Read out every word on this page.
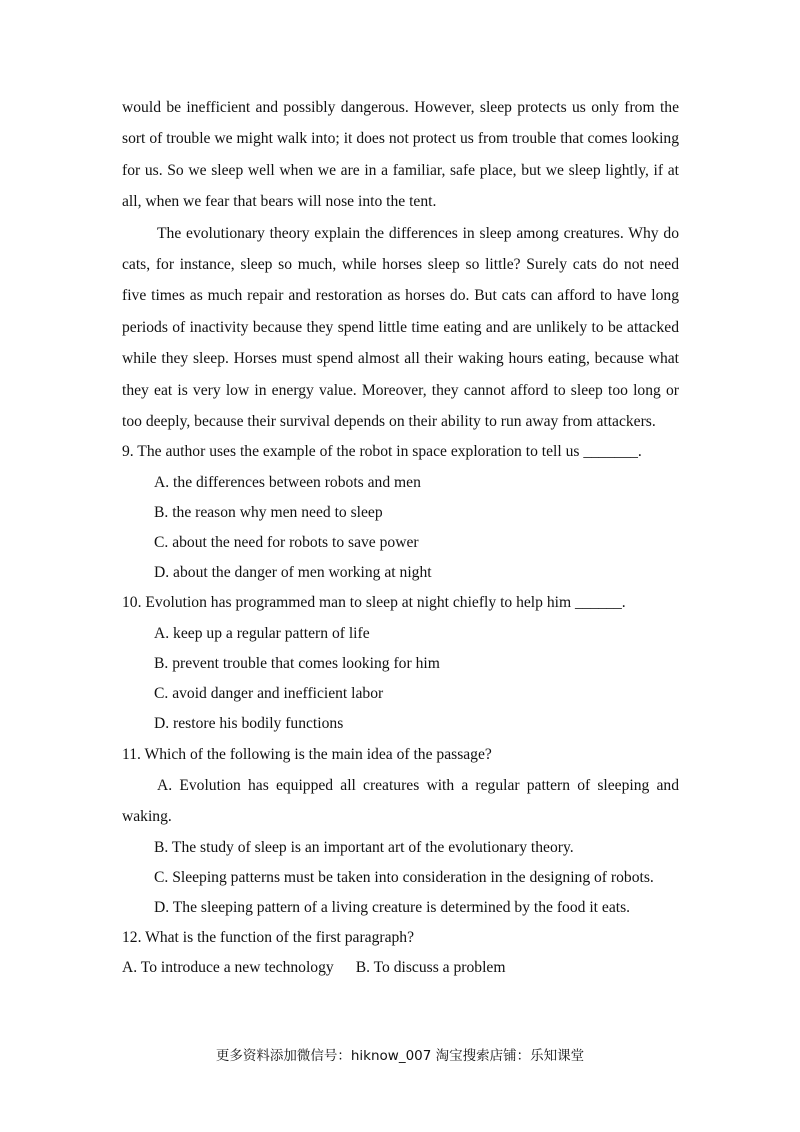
would be inefficient and possibly dangerous. However, sleep protects us only from the sort of trouble we might walk into; it does not protect us from trouble that comes looking for us. So we sleep well when we are in a familiar, safe place, but we sleep lightly, if at all, when we fear that bears will nose into the tent.

The evolutionary theory explain the differences in sleep among creatures. Why do cats, for instance, sleep so much, while horses sleep so little? Surely cats do not need five times as much repair and restoration as horses do. But cats can afford to have long periods of inactivity because they spend little time eating and are unlikely to be attacked while they sleep. Horses must spend almost all their waking hours eating, because what they eat is very low in energy value. Moreover, they cannot afford to sleep too long or too deeply, because their survival depends on their ability to run away from attackers.

9. The author uses the example of the robot in space exploration to tell us _______.
A. the differences between robots and men
B. the reason why men need to sleep
C. about the need for robots to save power
D. about the danger of men working at night
10. Evolution has programmed man to sleep at night chiefly to help him ______.
A. keep up a regular pattern of life
B. prevent trouble that comes looking for him
C. avoid danger and inefficient labor
D. restore his bodily functions
11. Which of the following is the main idea of the passage?

A. Evolution has equipped all creatures with a regular pattern of sleeping and waking.

B. The study of sleep is an important art of the evolutionary theory.
C. Sleeping patterns must be taken into consideration in the designing of robots.
D. The sleeping pattern of a living creature is determined by the food it eats.
12. What is the function of the first paragraph?
A. To introduce a new technology B. To discuss a problem
更多资料添加微信号：hiknow_007 淘宝搜索店铺：乐知课堂
